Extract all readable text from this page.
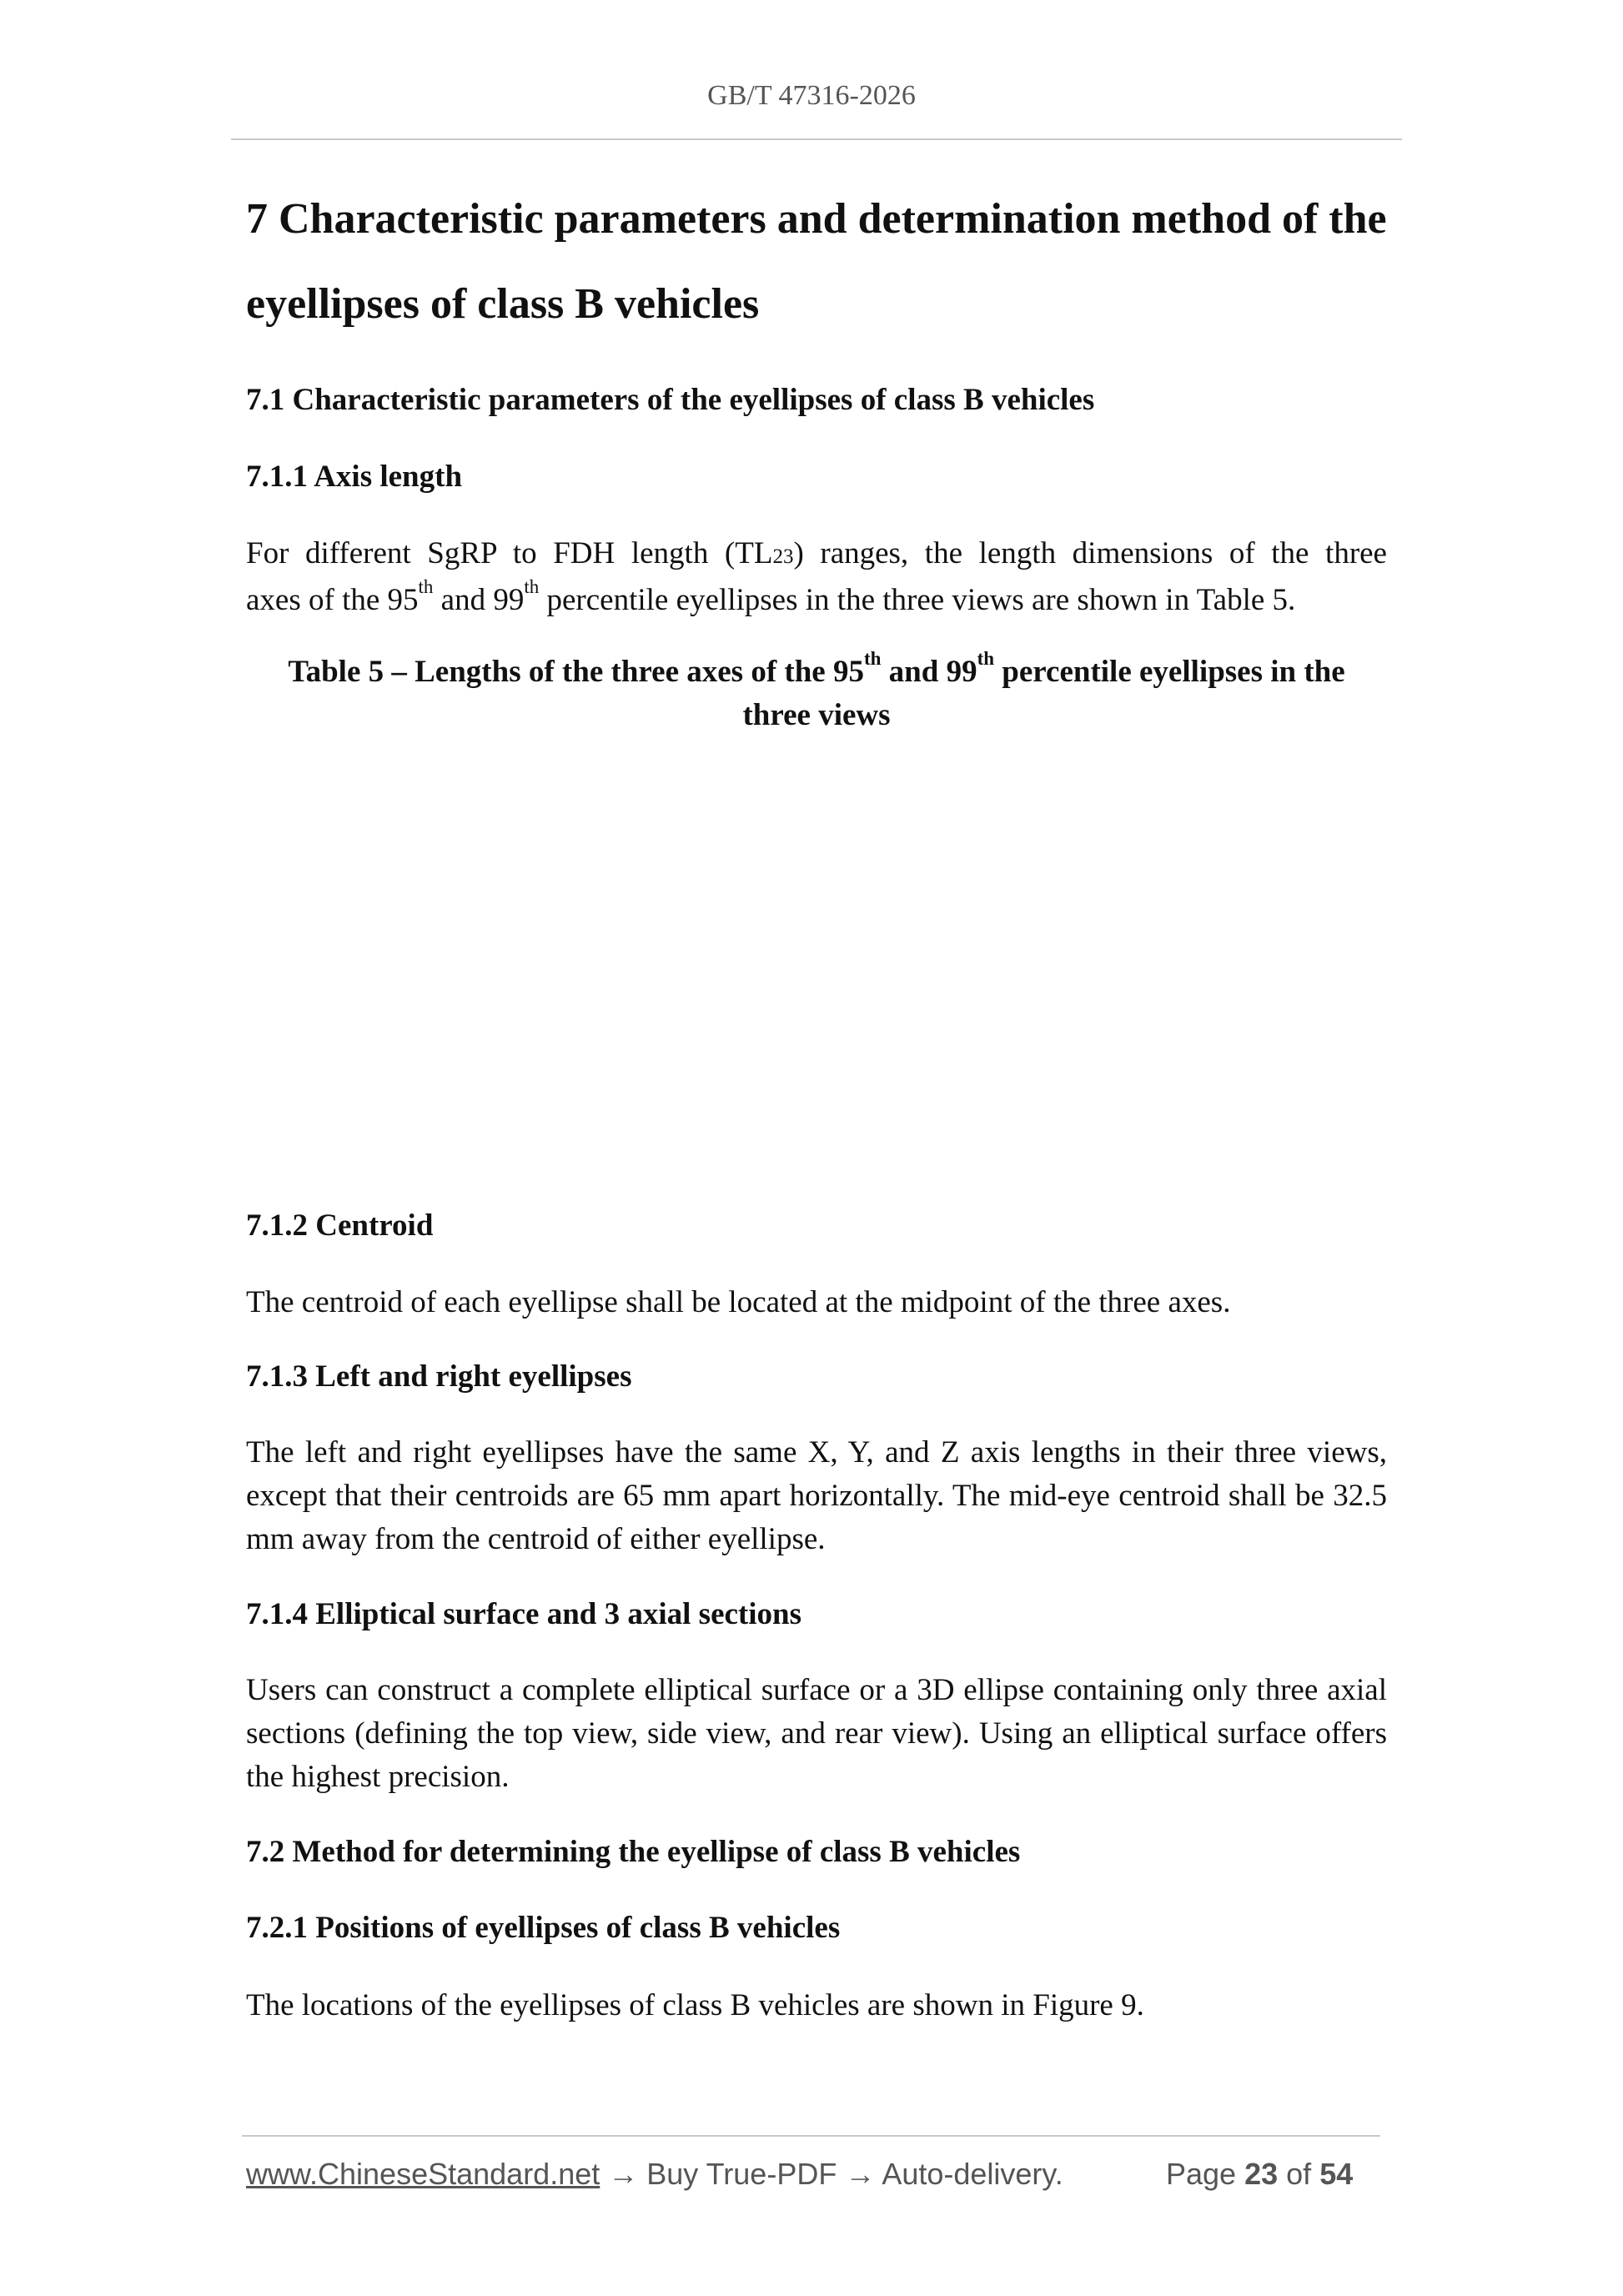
GB/T 47316-2026
7 Characteristic parameters and determination method of the
eyellipses of class B vehicles
7.1 Characteristic parameters of the eyellipses of class B vehicles
7.1.1 Axis length
For different SgRP to FDH length (TL23) ranges, the length dimensions of the three
axes of the 95th and 99th percentile eyellipses in the three views are shown in Table 5.
Table 5 – Lengths of the three axes of the 95th and 99th percentile eyellipses in the
three views
7.1.2 Centroid
The centroid of each eyellipse shall be located at the midpoint of the three axes.
7.1.3 Left and right eyellipses
The left and right eyellipses have the same X, Y, and Z axis lengths in their three views, except that their centroids are 65 mm apart horizontally. The mid-eye centroid shall be 32.5 mm away from the centroid of either eyellipse.
7.1.4 Elliptical surface and 3 axial sections
Users can construct a complete elliptical surface or a 3D ellipse containing only three axial sections (defining the top view, side view, and rear view). Using an elliptical surface offers the highest precision.
7.2 Method for determining the eyellipse of class B vehicles
7.2.1 Positions of eyellipses of class B vehicles
The locations of the eyellipses of class B vehicles are shown in Figure 9.
www.ChineseStandard.net → Buy True-PDF → Auto-delivery.	Page 23 of 54
